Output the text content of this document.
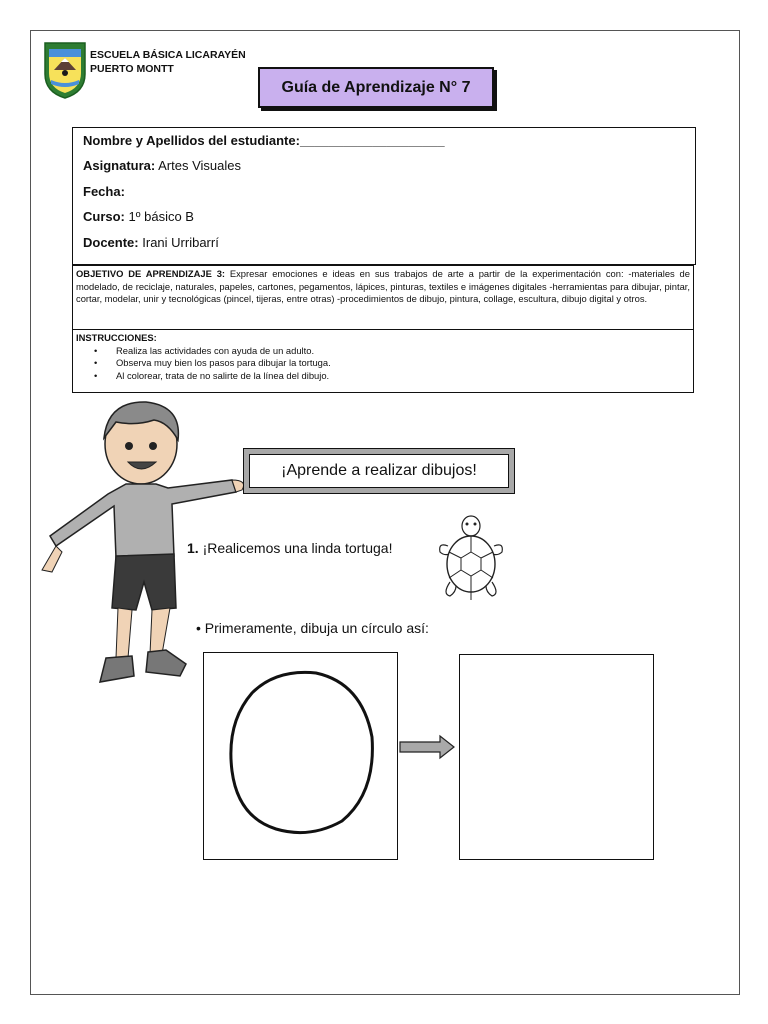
ESCUELA BÁSICA LICARAYÉN
PUERTO MONTT
Guía de Aprendizaje N° 7
Nombre y Apellidos del estudiante:____________________
Asignatura: Artes Visuales
Fecha:
Curso: 1º básico B
Docente: Irani Urribarrí
OBJETIVO DE APRENDIZAJE 3: Expresar emociones e ideas en sus trabajos de arte a partir de la experimentación con: -materiales de modelado, de reciclaje, naturales, papeles, cartones, pegamentos, lápices, pinturas, textiles e imágenes digitales -herramientas para dibujar, pintar, cortar, modelar, unir y tecnológicas (pincel, tijeras, entre otras) -procedimientos de dibujo, pintura, collage, escultura, dibujo digital y otros.
INSTRUCCIONES:
• Realiza las actividades con ayuda de un adulto.
• Observa muy bien los pasos para dibujar la tortuga.
• Al colorear, trata de no salirte de la línea del dibujo.
¡Aprende a realizar dibujos!
1. ¡Realicemos una linda tortuga!
• Primeramente, dibuja un círculo así:
